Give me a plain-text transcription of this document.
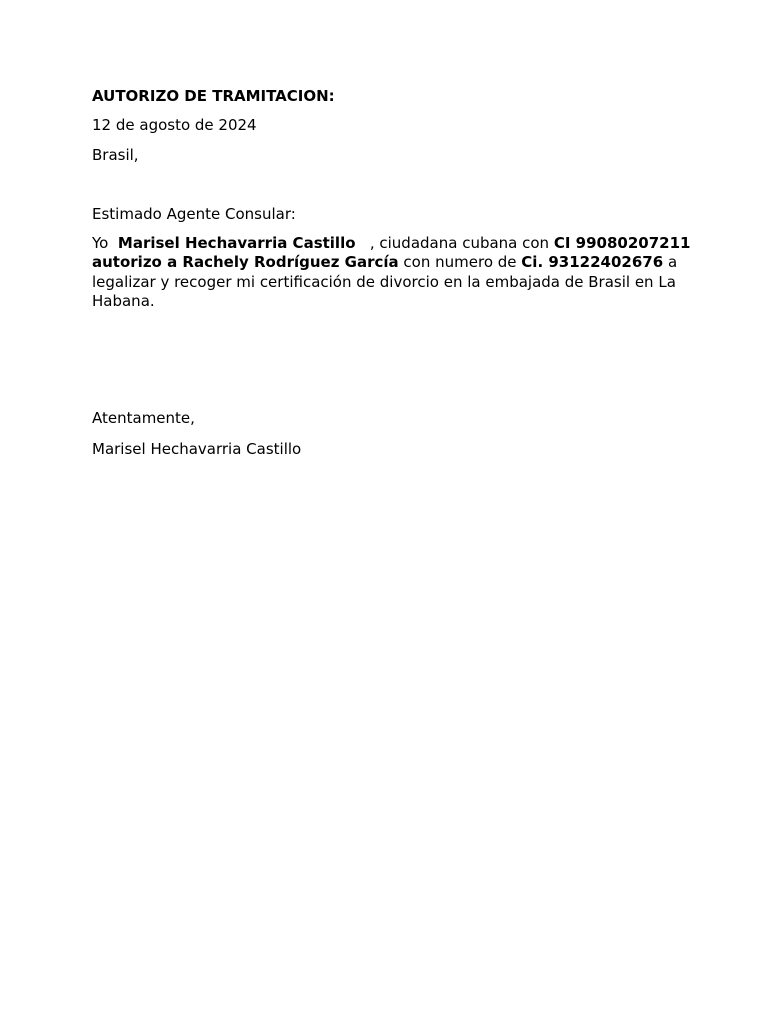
AUTORIZO DE TRAMITACION:
12 de agosto de 2024
Brasil,
Estimado Agente Consular:
Yo Marisel Hechavarria Castillo , ciudadana cubana con CI 99080207211 autorizo a Rachely Rodríguez García con numero de Ci. 93122402676 a legalizar y recoger mi certificación de divorcio en la embajada de Brasil en La Habana.
Atentamente,
Marisel Hechavarria Castillo
